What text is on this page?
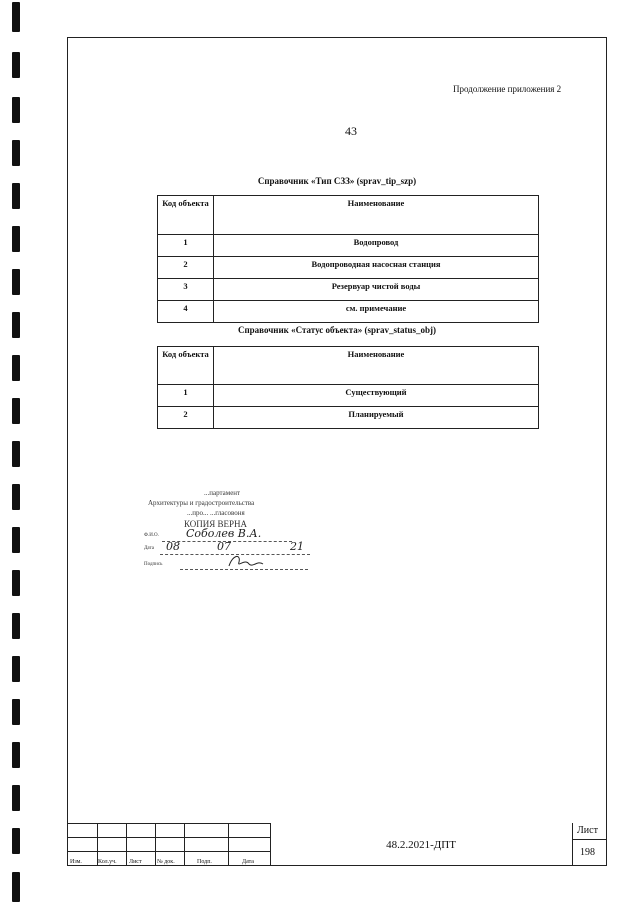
Продолжение приложения 2
43
Справочник «Тип СЗЗ» (sprav_tip_szp)
Код объекта	Наименование
1	Водопровод
2	Водопроводная насосная станция
3	Резервуар чистой воды
4	см. примечание
Справочник «Статус объекта» (sprav_status_obj)
Код объекта	Наименование
1	Существующий
2	Планируемый
...партамент
Архитектуры и градостроительства
...про... ...гласовоня
КОПИЯ ВЕРНА
Ф.И.О. Соболев В.А.
Дата 08	07	21
Подпись
Изм.	Кол.уч. Лист	№ док.	Подп.	Дата
48.2.2021-ДПТ
Лист
198
